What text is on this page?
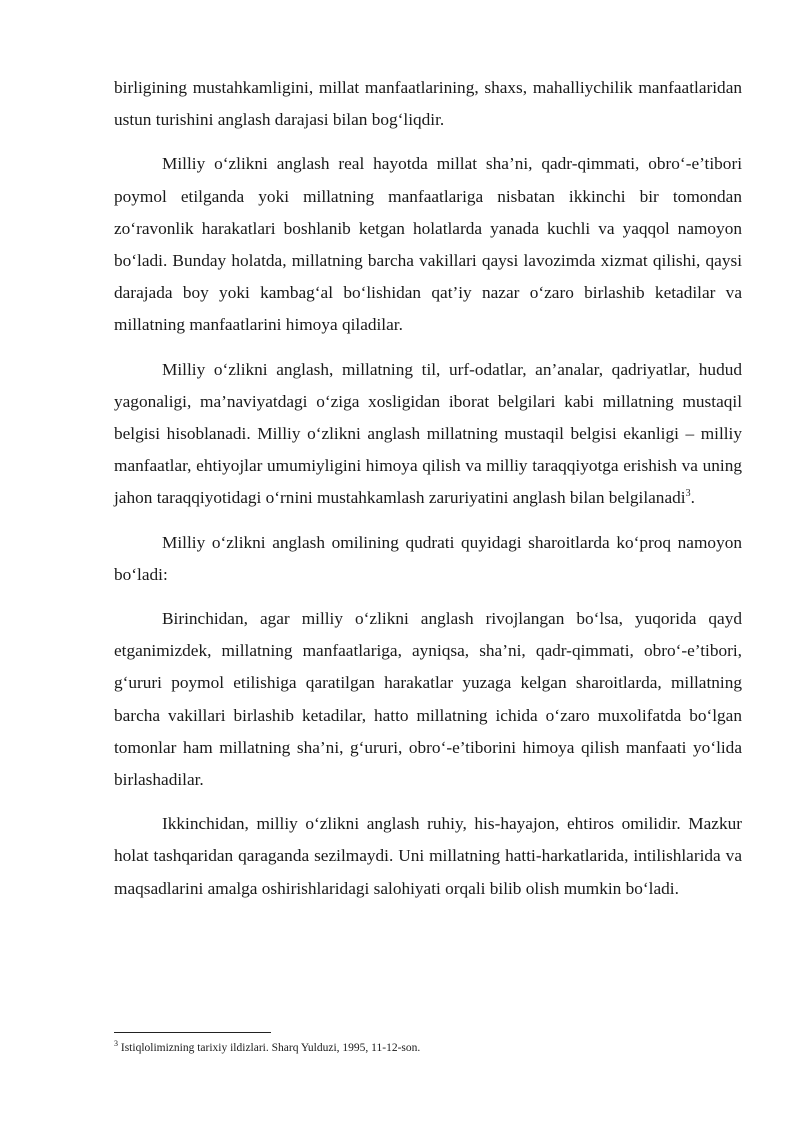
birligining mustahkamligini, millat manfaatlarining, shaxs, mahalliychilik manfaatlaridan ustun turishini anglash darajasi bilan bog‘liqdir.

Milliy o‘zlikni anglash real hayotda millat sha’ni, qadr-qimmati, obro‘-e’tibori poymol etilganda yoki millatning manfaatlariga nisbatan ikkinchi bir tomondan zo‘ravonlik harakatlari boshlanib ketgan holatlarda yanada kuchli va yaqqol namoyon bo‘ladi. Bunday holatda, millatning barcha vakillari qaysi lavozimda xizmat qilishi, qaysi darajada boy yoki kambag‘al bo‘lishidan qat’iy nazar o‘zaro birlashib ketadilar va millatning manfaatlarini himoya qiladilar.

Milliy o‘zlikni anglash, millatning til, urf-odatlar, an’analar, qadriyatlar, hudud yagonaligi, ma’naviyatdagi o‘ziga xosligidan iborat belgilari kabi millatning mustaqil belgisi hisoblanadi. Milliy o‘zlikni anglash millatning mustaqil belgisi ekanligi – milliy manfaatlar, ehtiyojlar umumiyligini himoya qilish va milliy taraqqiyotga erishish va uning jahon taraqqiyotidagi o‘rnini mustahkamlash zaruriyatini anglash bilan belgilanadi$^3$.

Milliy o‘zlikni anglash omilining qudrati quyidagi sharoitlarda ko‘proq namoyon bo‘ladi:

Birinchidan, agar milliy o‘zlikni anglash rivojlangan bo‘lsa, yuqorida qayd etganimizdek, millatning manfaatlariga, ayniqsa, sha’ni, qadr-qimmati, obro‘-e’tibori, g‘ururi poymol etilishiga qaratilgan harakatlar yuzaga kelgan sharoitlarda, millatning barcha vakillari birlashib ketadilar, hatto millatning ichida o‘zaro muxolifatda bo‘lgan tomonlar ham millatning sha’ni, g‘ururi, obro‘-e’tiborini himoya qilish manfaati yo‘lida birlashadilar.

Ikkinchidan, milliy o‘zlikni anglash ruhiy, his-hayajon, ehtiros omilidir. Mazkur holat tashqaridan qaraganda sezilmaydi. Uni millatning hatti-harkatlarida, intilishlarida va maqsadlarini amalga oshirishlaridagi salohiyati orqali bilib olish mumkin bo‘ladi.

$^3$ Istiqlolimizning tarixiy ildizlari. Sharq Yulduzi, 1995, 11-12-son.
